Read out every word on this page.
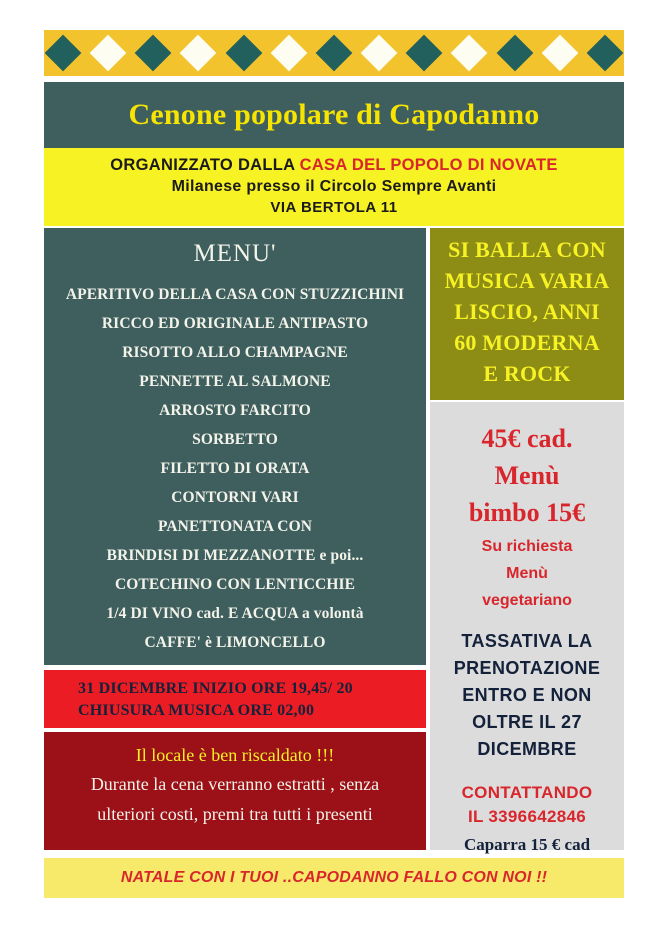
Cenone popolare di Capodanno
ORGANIZZATO DALLA CASA DEL POPOLO DI NOVATE
Milanese presso il Circolo Sempre Avanti
VIA BERTOLA 11
MENU'
APERITIVO DELLA CASA CON STUZZICHINI
RICCO ED ORIGINALE ANTIPASTO
RISOTTO ALLO CHAMPAGNE
PENNETTE AL SALMONE
ARROSTO FARCITO
SORBETTO
FILETTO DI ORATA
CONTORNI VARI
PANETTONATA CON
BRINDISI DI MEZZANOTTE e poi...
COTECHINO CON LENTICCHIE
1/4 DI VINO cad. E ACQUA a volontà
CAFFE' è LIMONCELLO
SI BALLA CON
MUSICA VARIA
LISCIO, ANNI
60 MODERNA
E ROCK
45€ cad.
Menù
bimbo 15€
Su richiesta
Menù
vegetariano
TASSATIVA LA
PRENOTAZIONE
ENTRO E NON
OLTRE IL 27
DICEMBRE
CONTATTANDO
IL 3396642846
Caparra 15 € cad
31 DICEMBRE INIZIO ORE 19,45/ 20
CHIUSURA MUSICA ORE 02,00
Il locale è ben riscaldato !!!
Durante la cena verranno estratti , senza
ulteriori costi, premi tra tutti i presenti
NATALE CON I TUOI ..CAPODANNO FALLO CON NOI !!
